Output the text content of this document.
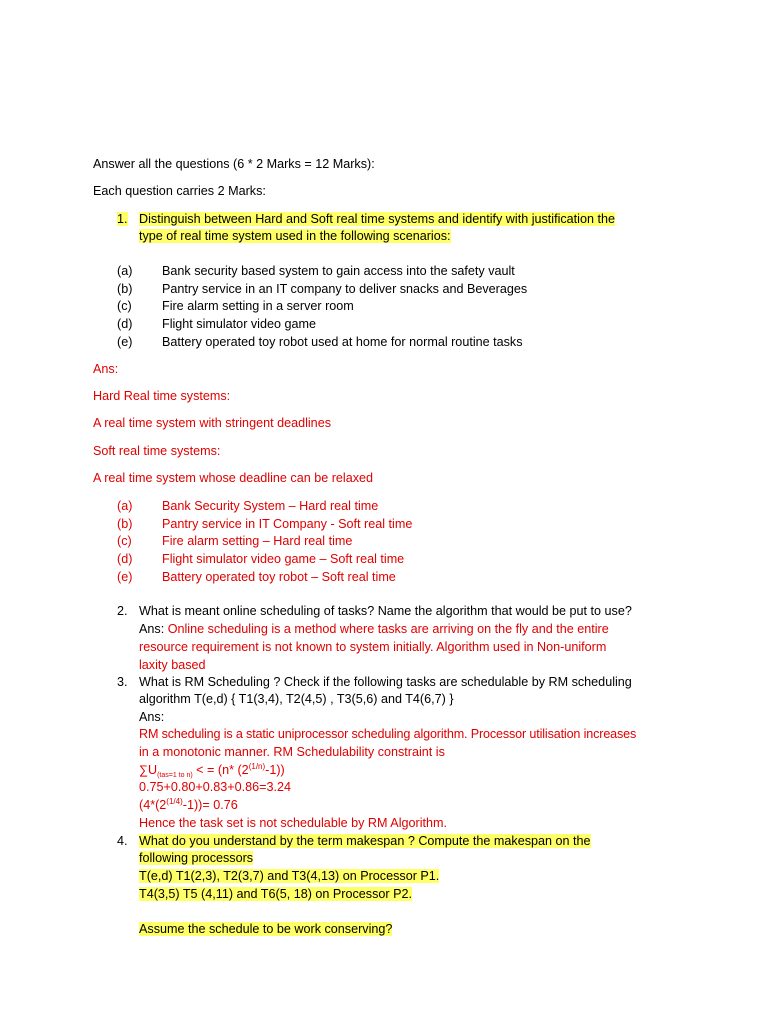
Answer all the questions (6 * 2 Marks = 12 Marks):
Each question carries 2 Marks:
1. Distinguish between Hard and Soft real time systems and identify with justification the
type of real time system used in the following scenarios:
(a) Bank security based system to gain access into the safety vault
(b) Pantry service in an IT company to deliver snacks and Beverages
(c) Fire alarm setting in a server room
(d) Flight simulator video game
(e) Battery operated toy robot used at home for normal routine tasks
Ans:
Hard Real time systems:
A real time system with stringent deadlines
Soft real time systems:
A real time system whose deadline can be relaxed
(a) Bank Security System – Hard real time
(b) Pantry service in IT Company - Soft real time
(c) Fire alarm setting – Hard real time
(d) Flight simulator video game – Soft real time
(e) Battery operated toy robot – Soft real time
2. What is meant online scheduling of tasks? Name the algorithm that would be put to use?
Ans: Online scheduling is a method where tasks are arriving on the fly and the entire
resource requirement is not known to system initially. Algorithm used in Non-uniform
laxity based
3. What is RM Scheduling ? Check if the following tasks are schedulable by RM scheduling
algorithm T(e,d) { T1(3,4), T2(4,5) , T3(5,6) and T4(6,7) }
Ans:
RM scheduling is a static uniprocessor scheduling algorithm. Processor utilisation increases
in a monotonic manner. RM Schedulability constraint is
$\sum U_{(tas=1 to n)}$ < = (n* $(2^{(1/n)}-1)$)
0.75+0.80+0.83+0.86=3.24
$(4*(2^{(1/4)}-1))= 0.76$
Hence the task set is not schedulable by RM Algorithm.
4. What do you understand by the term makespan ? Compute the makespan on the
following processors
T(e,d) T1(2,3), T2(3,7) and T3(4,13) on Processor P1.
T4(3,5) T5 (4,11) and T6(5, 18) on Processor P2.
Assume the schedule to be work conserving?
